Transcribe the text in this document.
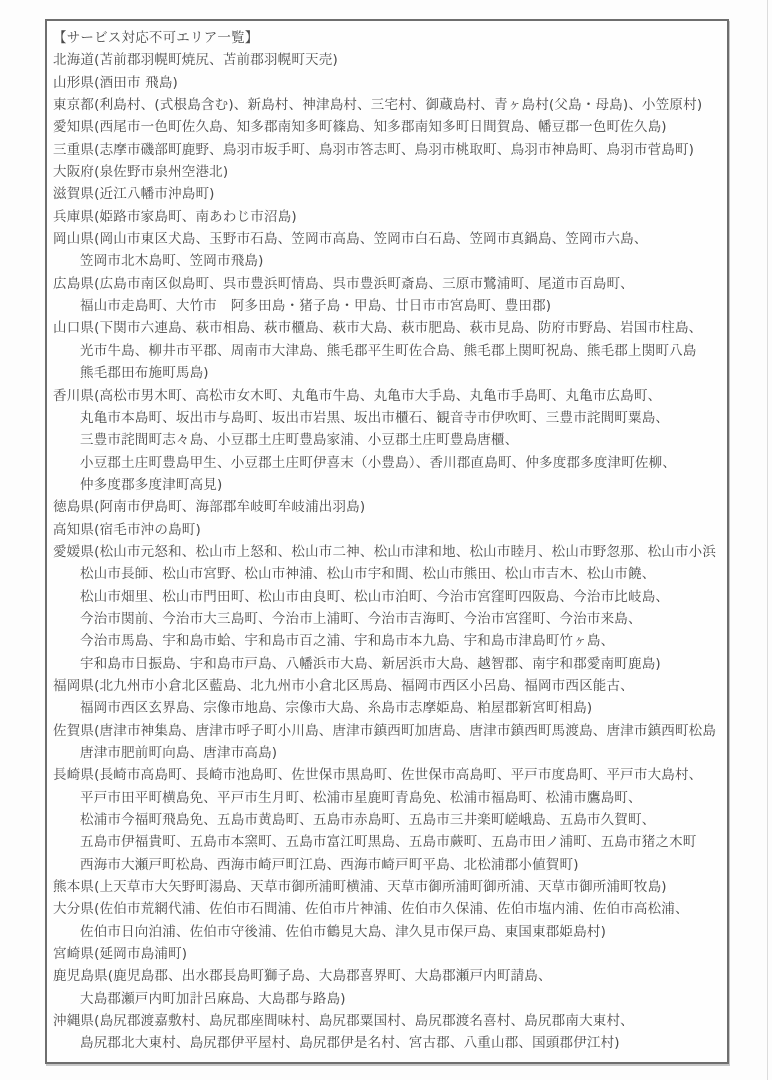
【サービス対応不可エリア一覧】
北海道(苫前郡羽幌町焼尻、苫前郡羽幌町天売)
山形県(酒田市 飛島)
東京都(利島村、(式根島含む)、新島村、神津島村、三宅村、御蔵島村、青ヶ島村(父島・母島)、小笠原村)
愛知県(西尾市一色町佐久島、知多郡南知多町篠島、知多郡南知多町日間賀島、幡豆郡一色町佐久島)
三重県(志摩市磯部町鹿野、鳥羽市坂手町、鳥羽市答志町、鳥羽市桃取町、鳥羽市神島町、鳥羽市菅島町)
大阪府(泉佐野市泉州空港北)
滋賀県(近江八幡市沖島町)
兵庫県(姫路市家島町、南あわじ市沼島)
岡山県(岡山市東区犬島、玉野市石島、笠岡市高島、笠岡市白石島、笠岡市真鍋島、笠岡市六島、
笠岡市北木島町、笠岡市飛島)
広島県(広島市南区似島町、呉市豊浜町情島、呉市豊浜町斎島、三原市鷺浦町、尾道市百島町、
福山市走島町、大竹市　阿多田島・猪子島・甲島、廿日市市宮島町、豊田郡)
山口県(下関市六連島、萩市相島、萩市櫃島、萩市大島、萩市肥島、萩市見島、防府市野島、岩国市柱島、
光市牛島、柳井市平郡、周南市大津島、熊毛郡平生町佐合島、熊毛郡上関町祝島、熊毛郡上関町八島
熊毛郡田布施町馬島)
香川県(高松市男木町、高松市女木町、丸亀市牛島、丸亀市大手島、丸亀市手島町、丸亀市広島町、
丸亀市本島町、坂出市与島町、坂出市岩黒、坂出市櫃石、観音寺市伊吹町、三豊市詫間町粟島、
三豊市詫間町志々島、小豆郡土庄町豊島家浦、小豆郡土庄町豊島唐櫃、
小豆郡土庄町豊島甲生、小豆郡土庄町伊喜末（小豊島）、香川郡直島町、仲多度郡多度津町佐柳、
仲多度郡多度津町高見)
徳島県(阿南市伊島町、海部郡牟岐町牟岐浦出羽島)
高知県(宿毛市沖の島町)
愛媛県(松山市元怒和、松山市上怒和、松山市二神、松山市津和地、松山市睦月、松山市野忽那、松山市小浜
松山市長師、松山市宮野、松山市神浦、松山市宇和間、松山市熊田、松山市吉木、松山市饒、
松山市畑里、松山市門田町、松山市由良町、松山市泊町、今治市宮窪町四阪島、今治市比岐島、
今治市関前、今治市大三島町、今治市上浦町、今治市吉海町、今治市宮窪町、今治市来島、
今治市馬島、宇和島市蛤、宇和島市百之浦、宇和島市本九島、宇和島市津島町竹ヶ島、
宇和島市日振島、宇和島市戸島、八幡浜市大島、新居浜市大島、越智郡、南宇和郡愛南町鹿島)
福岡県(北九州市小倉北区藍島、北九州市小倉北区馬島、福岡市西区小呂島、福岡市西区能古、
福岡市西区玄界島、宗像市地島、宗像市大島、糸島市志摩姫島、粕屋郡新宮町相島)
佐賀県(唐津市神集島、唐津市呼子町小川島、唐津市鎮西町加唐島、唐津市鎮西町馬渡島、唐津市鎮西町松島
唐津市肥前町向島、唐津市高島)
長崎県(長崎市高島町、長崎市池島町、佐世保市黒島町、佐世保市高島町、平戸市度島町、平戸市大島村、
平戸市田平町横島免、平戸市生月町、松浦市星鹿町青島免、松浦市福島町、松浦市鷹島町、
松浦市今福町飛島免、五島市黄島町、五島市赤島町、五島市三井楽町嵯峨島、五島市久賀町、
五島市伊福貴町、五島市本窯町、五島市富江町黒島、五島市蕨町、五島市田ノ浦町、五島市猪之木町
西海市大瀬戸町松島、西海市崎戸町江島、西海市崎戸町平島、北松浦郡小値賀町)
熊本県(上天草市大矢野町湯島、天草市御所浦町横浦、天草市御所浦町御所浦、天草市御所浦町牧島)
大分県(佐伯市荒網代浦、佐伯市石間浦、佐伯市片神浦、佐伯市久保浦、佐伯市塩内浦、佐伯市高松浦、
佐伯市日向泊浦、佐伯市守後浦、佐伯市鶴見大島、津久見市保戸島、東国東郡姫島村)
宮崎県(延岡市島浦町)
鹿児島県(鹿児島郡、出水郡長島町獅子島、大島郡喜界町、大島郡瀬戸内町請島、
大島郡瀬戸内町加計呂麻島、大島郡与路島)
沖縄県(島尻郡渡嘉敷村、島尻郡座間味村、島尻郡粟国村、島尻郡渡名喜村、島尻郡南大東村、
島尻郡北大東村、島尻郡伊平屋村、島尻郡伊是名村、宮古郡、八重山郡、国頭郡伊江村)
